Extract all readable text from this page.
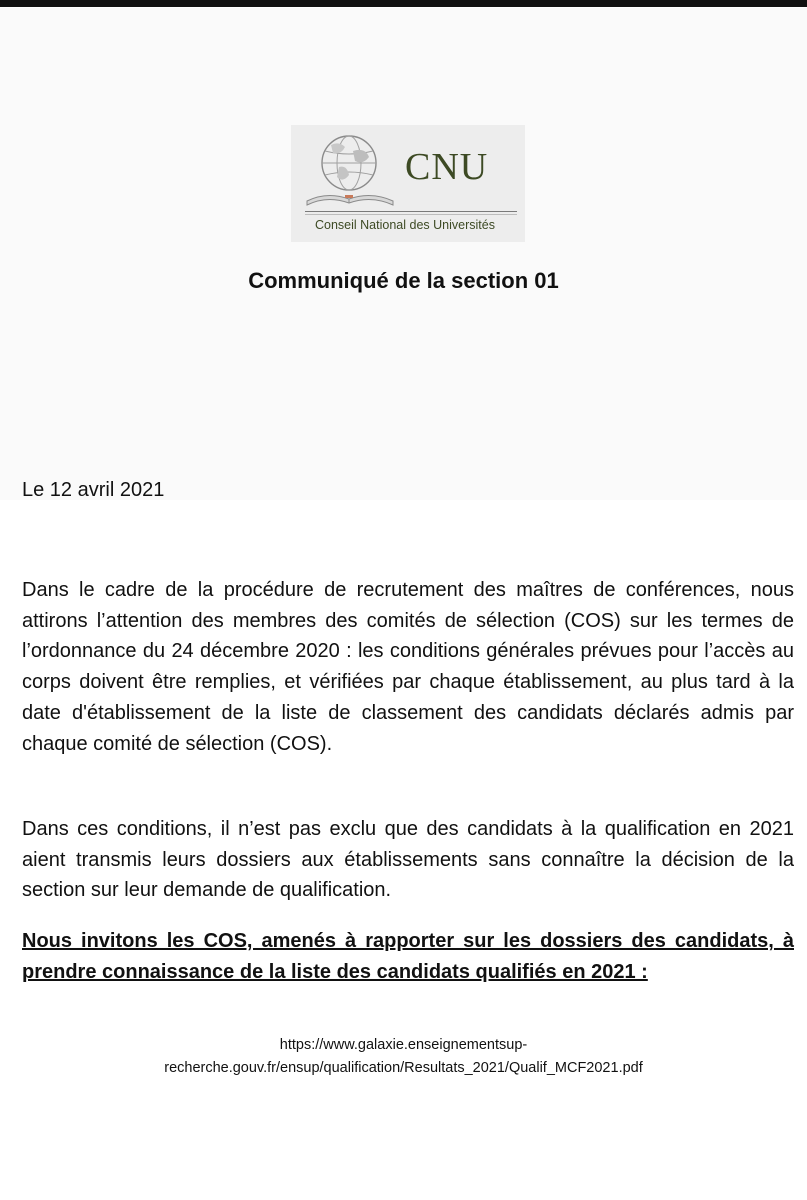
CNU
Conseil National des Universités
Communiqué de la section 01
Le 12 avril 2021

Dans le cadre de la procédure de recrutement des maîtres de conférences, nous attirons l’attention des membres des comités de sélection (COS) sur les termes de l’ordonnance du 24 décembre 2020 : les conditions générales prévues pour l’accès au corps doivent être remplies, et vérifiées par chaque établissement, au plus tard à la date d'établissement de la liste de classement des candidats déclarés admis par chaque comité de sélection (COS).

Dans ces conditions, il n’est pas exclu que des candidats à la qualification en 2021 aient transmis leurs dossiers aux établissements sans connaître la décision de la section sur leur demande de qualification.

Nous invitons les COS, amenés à rapporter sur les dossiers des candidats, à prendre connaissance de la liste des candidats qualifiés en 2021 :

https://www.galaxie.enseignementsup-
recherche.gouv.fr/ensup/qualification/Resultats_2021/Qualif_MCF2021.pdf
